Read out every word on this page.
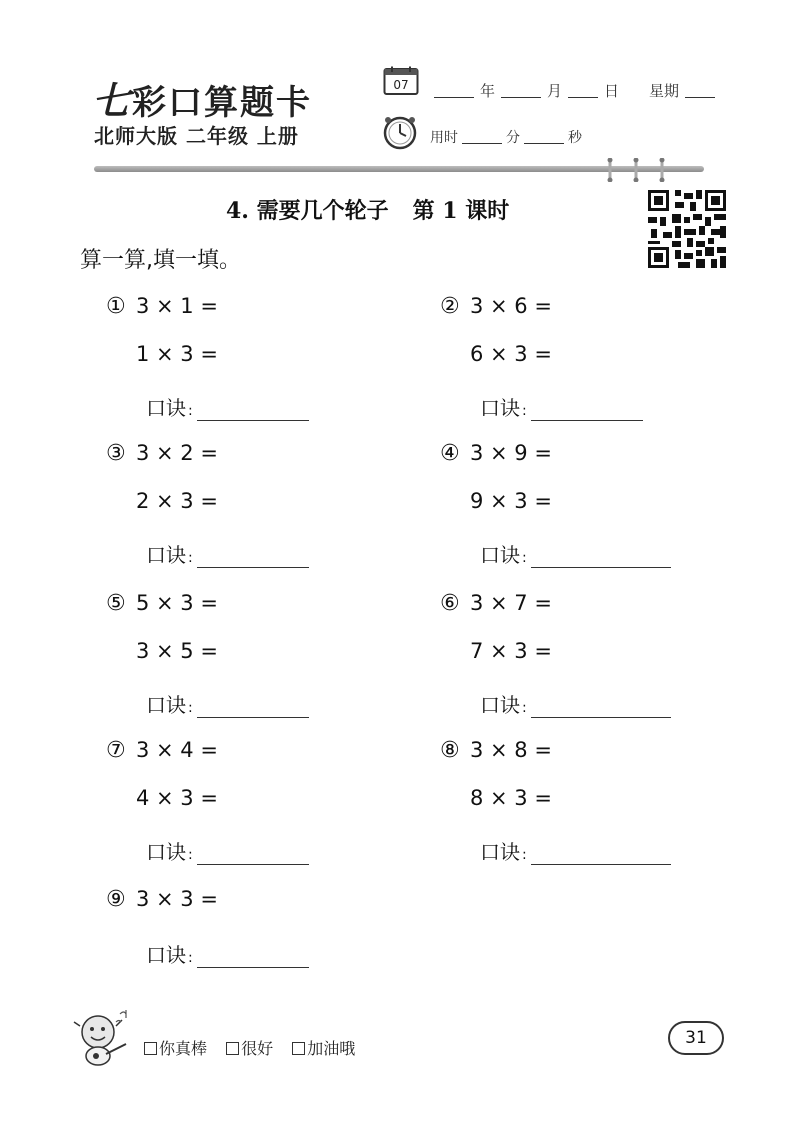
七彩口算题卡
北师大版 二年级 上册
07	年	月	日 星期
用时	分	秒
4. 需要几个轮子 第 1 课时
算一算,填一填。
① 3 × 1 =
1 × 3 =
口诀 :
② 3 × 6 =
6 × 3 =
口诀 :
③ 3 × 2 =
2 × 3 =
口诀 :
④ 3 × 9 =
9 × 3 =
口诀 :
⑤ 5 × 3 =
3 × 5 =
口诀 :
⑥ 3 × 7 =
7 × 3 =
口诀 :
⑦ 3 × 4 =
4 × 3 =
口诀 :
⑧ 3 × 8 =
8 × 3 =
口诀 :
⑨ 3 × 3 =
口诀 :
你真棒 很好 加油哦
31
